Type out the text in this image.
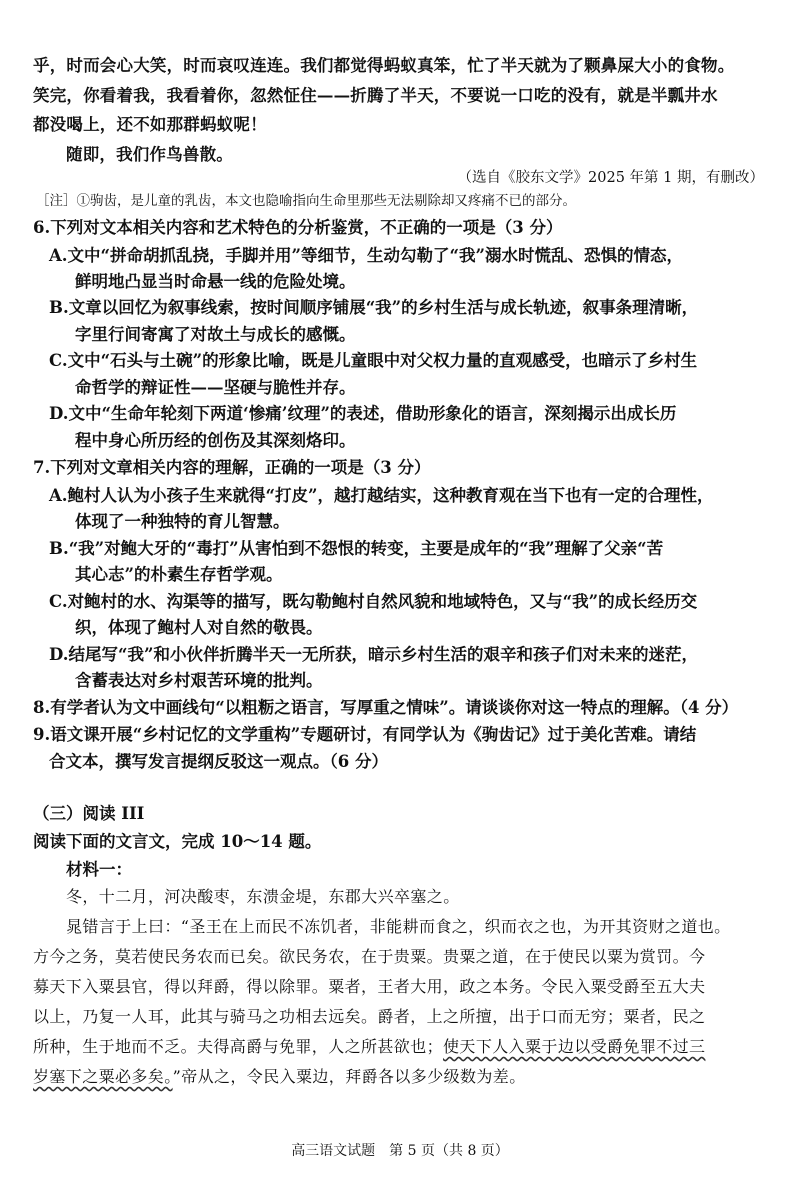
乎，时而会心大笑，时而哀叹连连。我们都觉得蚂蚁真笨，忙了半天就为了颗鼻屎大小的食物。
笑完，你看着我，我看着你，忽然怔住——折腾了半天，不要说一口吃的没有，就是半瓢井水
都没喝上，还不如那群蚂蚁呢！
随即，我们作鸟兽散。
（选自《胶东文学》2025 年第 1 期，有删改）
［注］①驹齿，是儿童的乳齿，本文也隐喻指向生命里那些无法剔除却又疼痛不已的部分。
6.下列对文本相关内容和艺术特色的分析鉴赏，不正确的一项是（3 分）
A.文中“拼命胡抓乱挠，手脚并用”等细节，生动勾勒了“我”溺水时慌乱、恐惧的情态，
鲜明地凸显当时命悬一线的危险处境。
B.文章以回忆为叙事线索，按时间顺序铺展“我”的乡村生活与成长轨迹，叙事条理清晰，
字里行间寄寓了对故土与成长的感慨。
C.文中“石头与土碗”的形象比喻，既是儿童眼中对父权力量的直观感受，也暗示了乡村生
命哲学的辩证性——坚硬与脆性并存。
D.文中“生命年轮刻下两道‘惨痛’纹理”的表述，借助形象化的语言，深刻揭示出成长历
程中身心所历经的创伤及其深刻烙印。
7.下列对文章相关内容的理解，正确的一项是（3 分）
A.鲍村人认为小孩子生来就得“打皮”，越打越结实，这种教育观在当下也有一定的合理性，
体现了一种独特的育儿智慧。
B.“我”对鲍大牙的“毒打”从害怕到不怨恨的转变，主要是成年的“我”理解了父亲“苦
其心志”的朴素生存哲学观。
C.对鲍村的水、沟渠等的描写，既勾勒鲍村自然风貌和地域特色，又与“我”的成长经历交
织，体现了鲍村人对自然的敬畏。
D.结尾写“我”和小伙伴折腾半天一无所获，暗示乡村生活的艰辛和孩子们对未来的迷茫，
含蓄表达对乡村艰苦环境的批判。
8.有学者认为文中画线句“以粗粝之语言，写厚重之情味”。请谈谈你对这一特点的理解。（4 分）
9.语文课开展“乡村记忆的文学重构”专题研讨，有同学认为《驹齿记》过于美化苦难。请结
合文本，撰写发言提纲反驳这一观点。（6 分）
（三）阅读 III
阅读下面的文言文，完成 10～14 题。
材料一：
冬，十二月，河决酸枣，东溃金堤，东郡大兴卒塞之。
晁错言于上曰：“圣王在上而民不冻饥者，非能耕而食之，织而衣之也，为开其资财之道也。
方今之务，莫若使民务农而已矣。欲民务农，在于贵粟。贵粟之道，在于使民以粟为赏罚。今
募天下入粟县官，得以拜爵，得以除罪。粟者，王者大用，政之本务。令民入粟受爵至五大夫
以上，乃复一人耳，此其与骑马之功相去远矣。爵者，上之所擅，出于口而无穷；粟者，民之
所种，生于地而不乏。夫得高爵与免罪，人之所甚欲也；使天下人入粟于边以受爵免罪不过三
岁塞下之粟必多矣。”帝从之，令民入粟边，拜爵各以多少级数为差。
高三语文试题　第 5 页（共 8 页）
